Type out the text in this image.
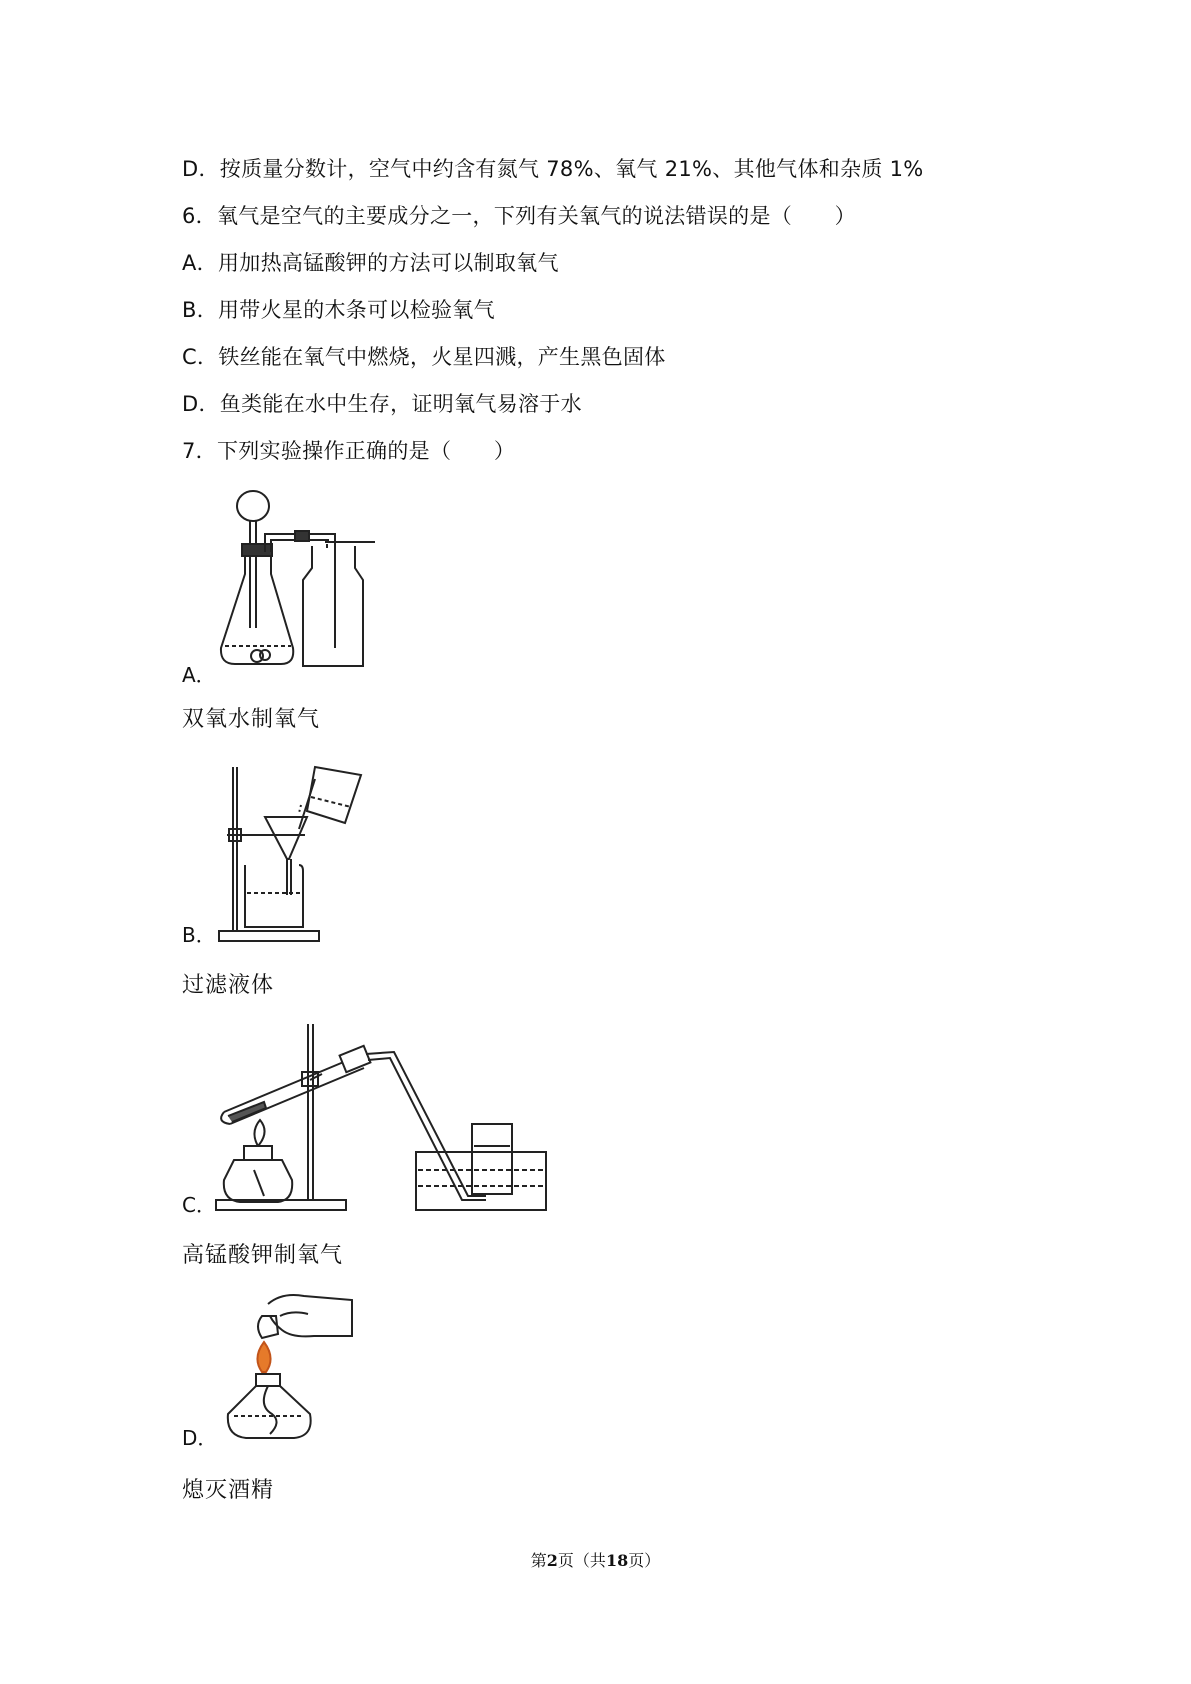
D．按质量分数计，空气中约含有氮气 78%、氧气 21%、其他气体和杂质 1%
6．氧气是空气的主要成分之一，下列有关氧气的说法错误的是（　　）
A．用加热高锰酸钾的方法可以制取氧气
B．用带火星的木条可以检验氧气
C．铁丝能在氧气中燃烧，火星四溅，产生黑色固体
D．鱼类能在水中生存，证明氧气易溶于水
7．下列实验操作正确的是（　　）
A．
双氧水制氧气
B．
过滤液体
C．
高锰酸钾制氧气
D．
熄灭酒精
第2页（共18页）
